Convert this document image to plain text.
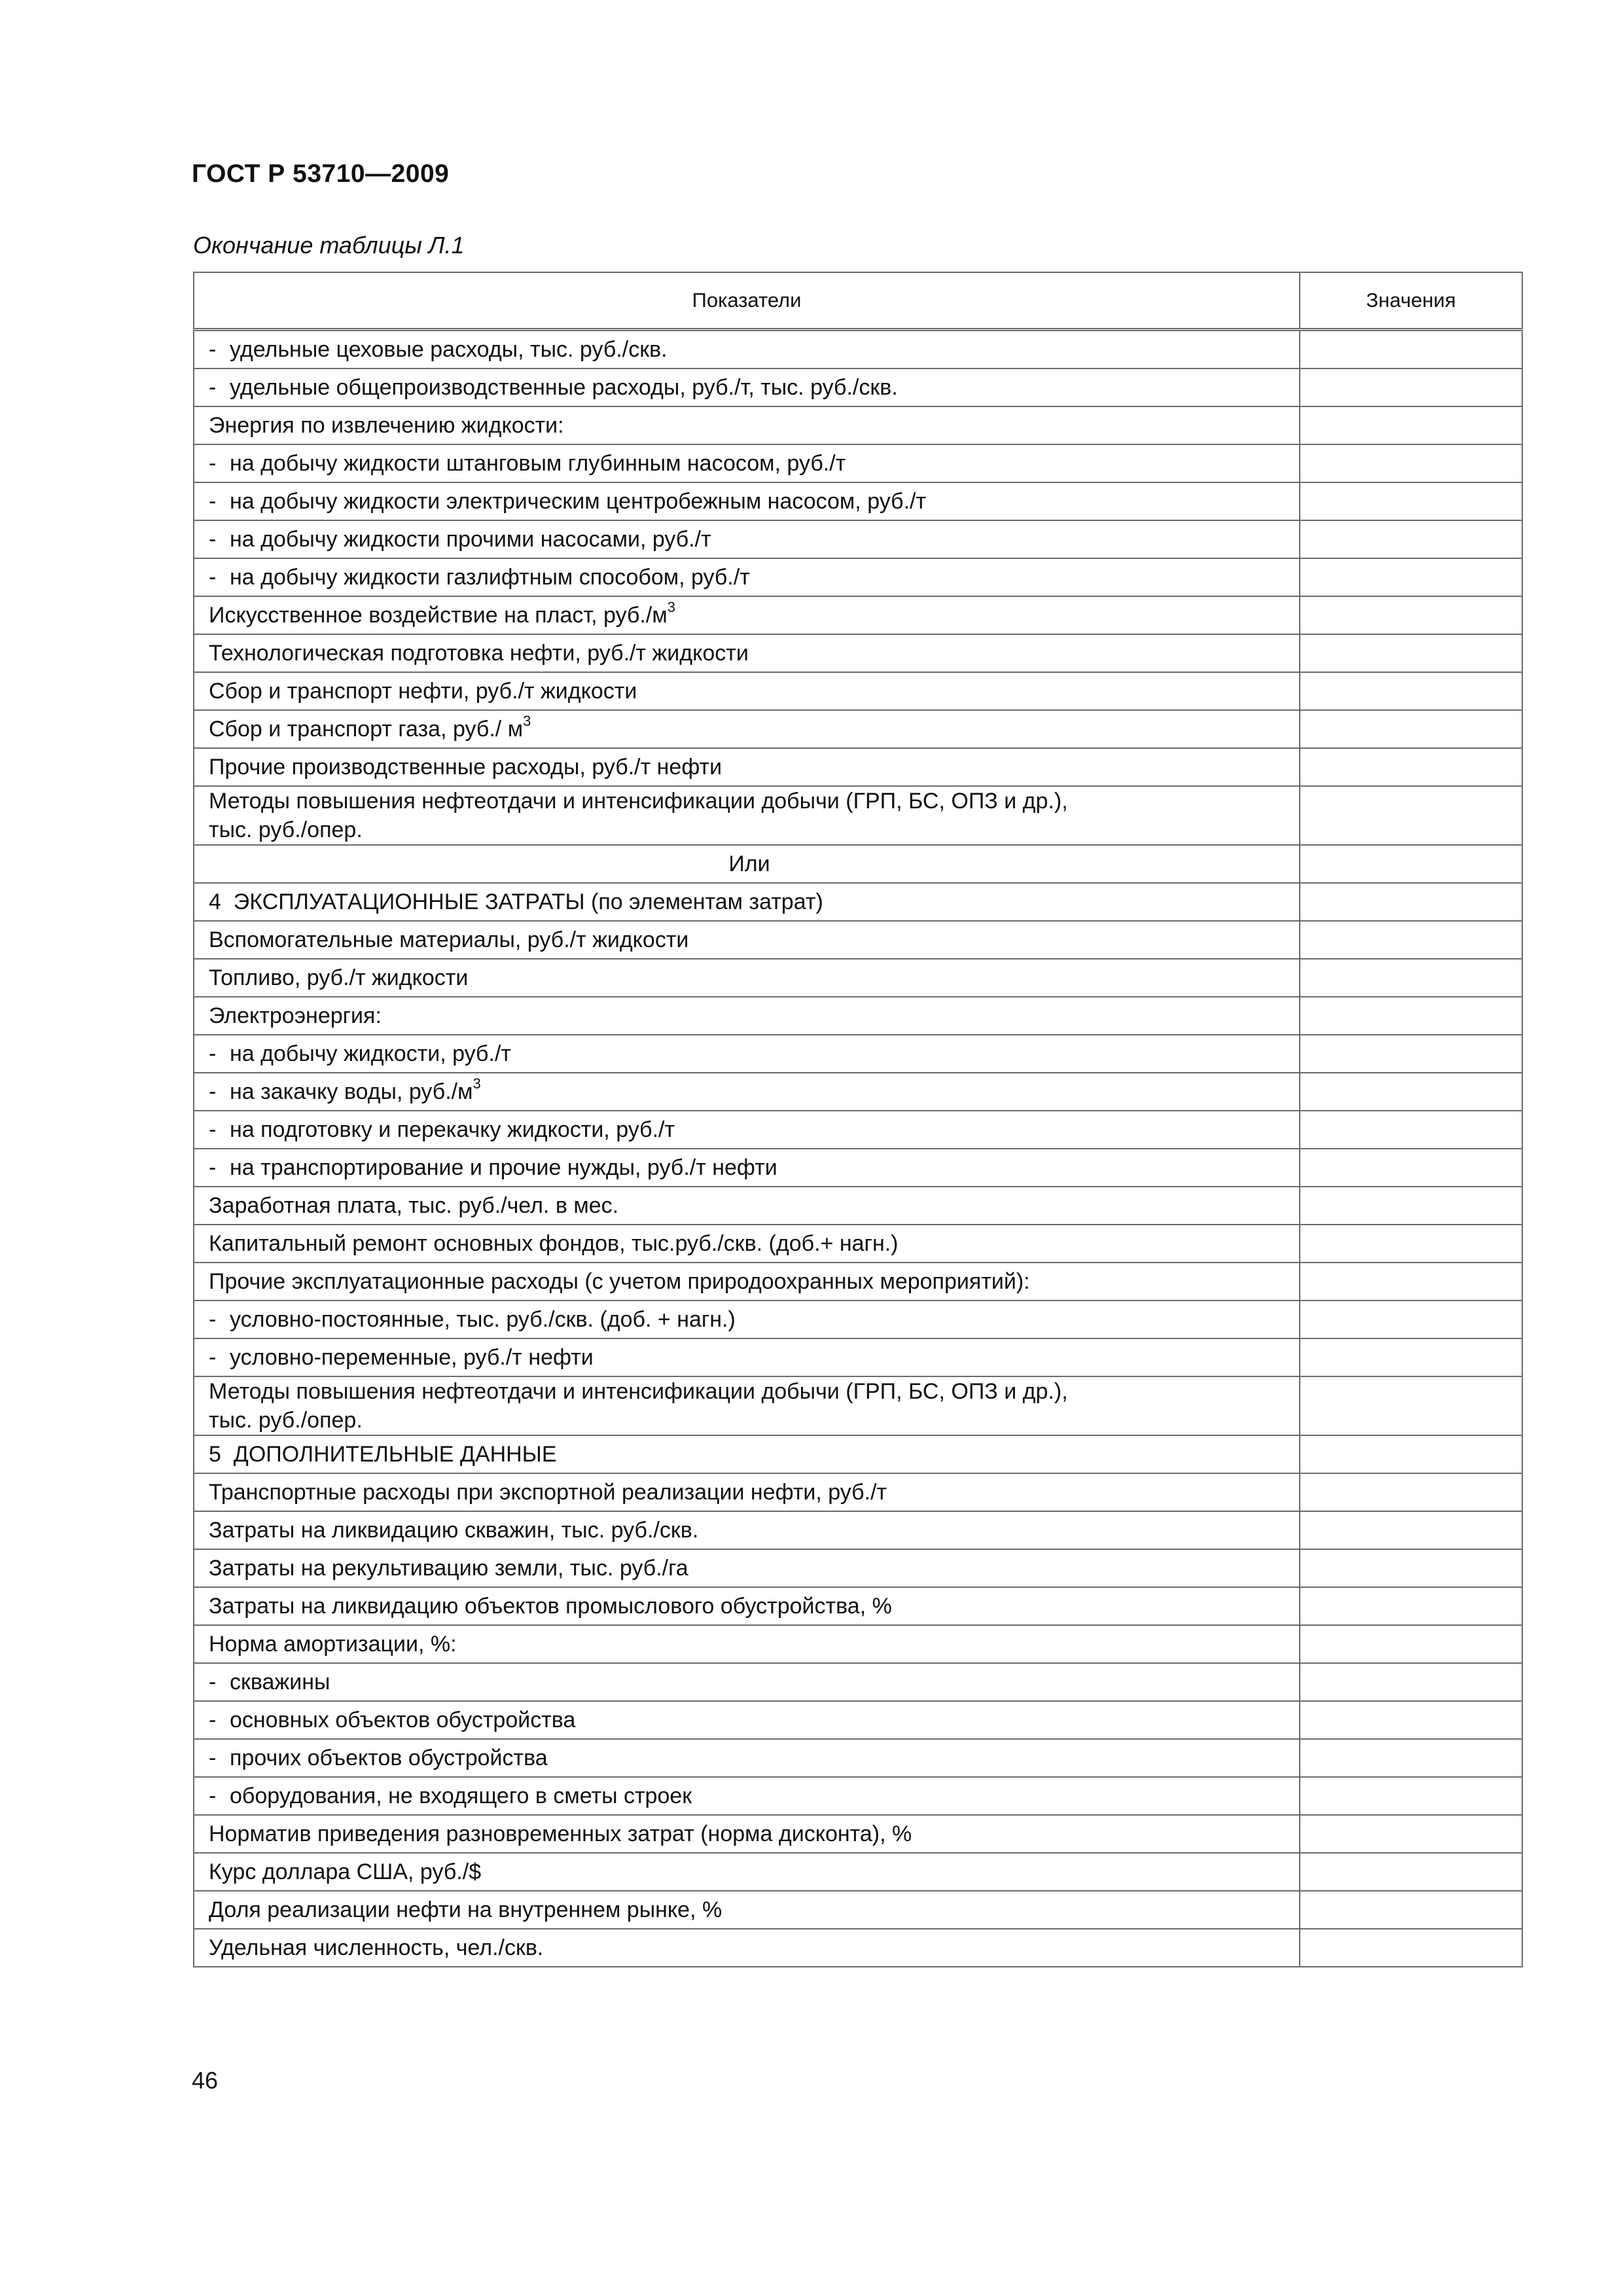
ГОСТ Р 53710—2009
Окончание таблицы Л.1
Показатели	Значения
- удельные цеховые расходы, тыс. руб./скв.	
- удельные общепроизводственные расходы, руб./т, тыс. руб./скв.	
Энергия по извлечению жидкости:	
- на добычу жидкости штанговым глубинным насосом, руб./т	
- на добычу жидкости электрическим центробежным насосом, руб./т	
- на добычу жидкости прочими насосами, руб./т	
- на добычу жидкости газлифтным способом, руб./т	
Искусственное воздействие на пласт, $руб./м^3$	
Технологическая подготовка нефти, руб./т жидкости	
Сбор и транспорт нефти, руб./т жидкости	
Сбор и транспорт газа, руб./ $м^3$	
Прочие производственные расходы, руб./т нефти	
Методы повышения нефтеотдачи и интенсификации добычи (ГРП, БС, ОПЗ и др.),
тыс. руб./опер.	
Или	
4  ЭКСПЛУАТАЦИОННЫЕ ЗАТРАТЫ (по элементам затрат)	
Вспомогательные материалы, руб./т жидкости	
Топливо, руб./т жидкости	
Электроэнергия:	
- на добычу жидкости, руб./т	
- на закачку воды, $руб./м^3$	
- на подготовку и перекачку жидкости, руб./т	
- на транспортирование и прочие нужды, руб./т нефти	
Заработная плата, тыс. руб./чел. в мес.	
Капитальный ремонт основных фондов, тыс.руб./скв. (доб.+ нагн.)	
Прочие эксплуатационные расходы (с учетом природоохранных мероприятий):	
- условно-постоянные, тыс. руб./скв. (доб. + нагн.)	
- условно-переменные, руб./т нефти	
Методы повышения нефтеотдачи и интенсификации добычи (ГРП, БС, ОПЗ и др.),
тыс. руб./опер.	
5  ДОПОЛНИТЕЛЬНЫЕ ДАННЫЕ	
Транспортные расходы при экспортной реализации нефти, руб./т	
Затраты на ликвидацию скважин, тыс. руб./скв.	
Затраты на рекультивацию земли, тыс. руб./га	
Затраты на ликвидацию объектов промыслового обустройства, %	
Норма амортизации, %:	
- скважины	
- основных объектов обустройства	
- прочих объектов обустройства	
- оборудования, не входящего в сметы строек	
Норматив приведения разновременных затрат (норма дисконта), %	
Курс доллара США, руб./$	
Доля реализации нефти на внутреннем рынке, %	
Удельная численность, чел./скв.	
46
